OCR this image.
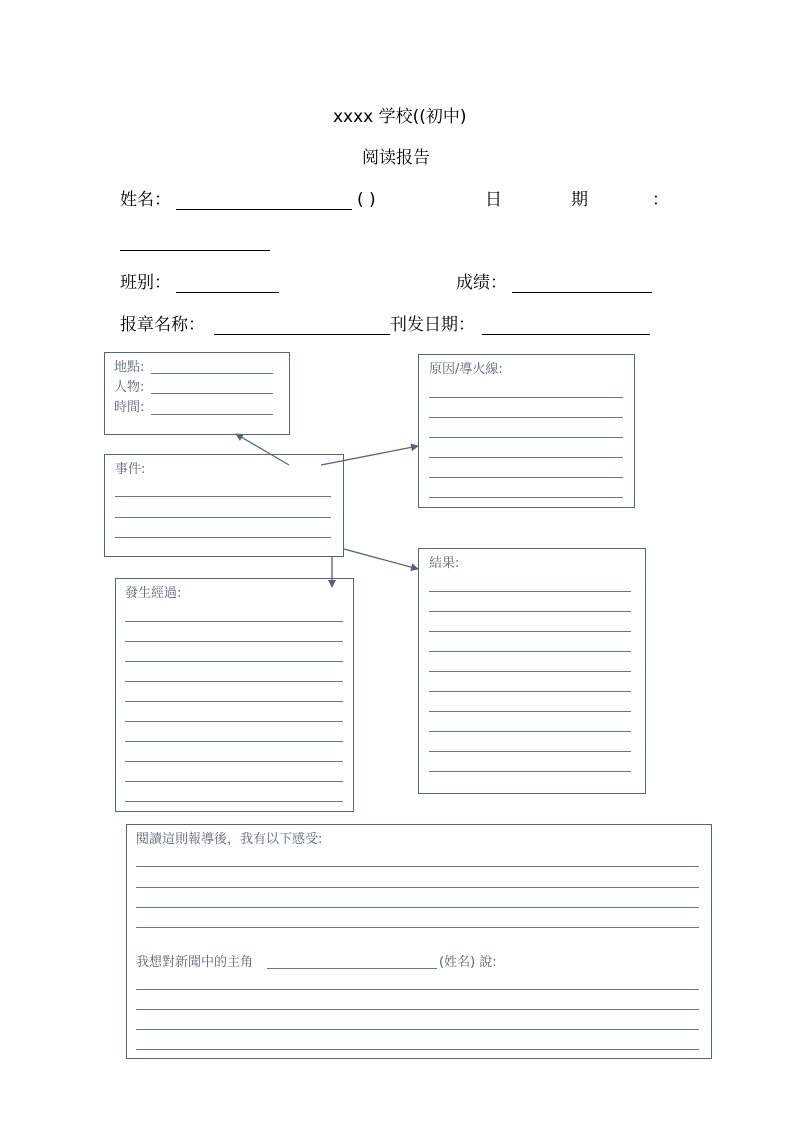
xxxx 学校((初中)
阅读报告
姓名：	( )	日	期	：
班别：	成绩：
报章名称：	刊发日期：
地點:
人物:
時間:
原因/導火線:
事件:
發生經過:
結果:
閱讀這則報導後，我有以下感受:
我想對新聞中的主角	(姓名) 說:
